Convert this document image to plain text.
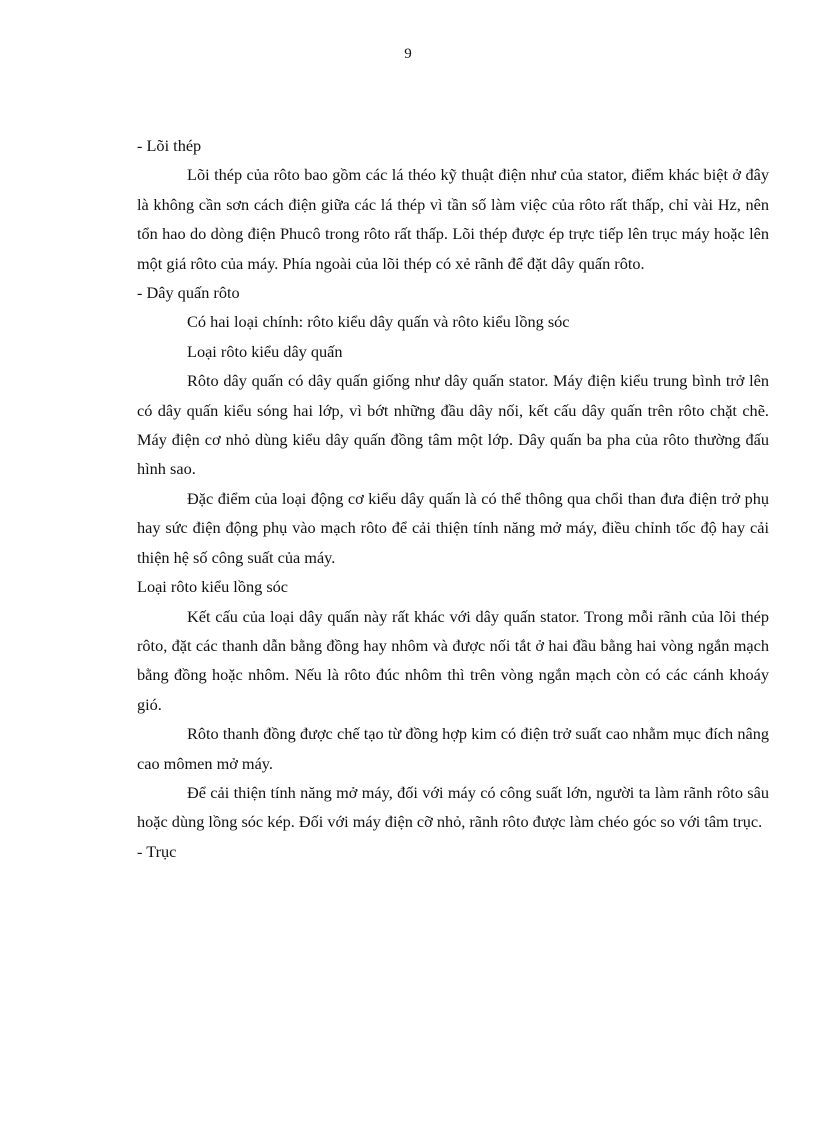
9

- Lõi thép

Lõi thép của rôto bao gồm các lá théo kỹ thuật điện như của stator, điểm khác biệt ở đây là không cần sơn cách điện giữa các lá thép vì tần số làm việc của rôto rất thấp, chỉ vài Hz, nên tổn hao do dòng điện Phucô trong rôto rất thấp. Lõi thép được ép trực tiếp lên trục máy hoặc lên một giá rôto của máy. Phía ngoài của lõi thép có xẻ rãnh để đặt dây quấn rôto.

- Dây quấn rôto

Có hai loại chính: rôto kiểu dây quấn và rôto kiểu lồng sóc

Loại rôto kiểu dây quấn

Rôto dây quấn có dây quấn giống như dây quấn stator. Máy điện kiểu trung bình trở lên có dây quấn kiểu sóng hai lớp, vì bớt những đầu dây nối, kết cấu dây quấn trên rôto chặt chẽ. Máy điện cơ nhỏ dùng kiểu dây quấn đồng tâm một lớp. Dây quấn ba pha của rôto thường đấu hình sao.

Đặc điểm của loại động cơ kiểu dây quấn là có thể thông qua chổi than đưa điện trở phụ hay sức điện động phụ vào mạch rôto để cải thiện tính năng mở máy, điều chỉnh tốc độ hay cải thiện hệ số công suất của máy.

Loại rôto kiểu lồng sóc

Kết cấu của loại dây quấn này rất khác với dây quấn stator. Trong mỗi rãnh của lõi thép rôto, đặt các thanh dẫn bằng đồng hay nhôm và được nối tắt ở hai đầu bằng hai vòng ngắn mạch bằng đồng hoặc nhôm. Nếu là rôto đúc nhôm thì trên vòng ngắn mạch còn có các cánh khoáy gió.

Rôto thanh đồng được chế tạo từ đồng hợp kim có điện trở suất cao nhằm mục đích nâng cao mômen mở máy.

Để cải thiện tính năng mở máy, đối với máy có công suất lớn, người ta làm rãnh rôto sâu hoặc dùng lồng sóc kép. Đối với máy điện cỡ nhỏ, rãnh rôto được làm chéo góc so với tâm trục.

- Trục
